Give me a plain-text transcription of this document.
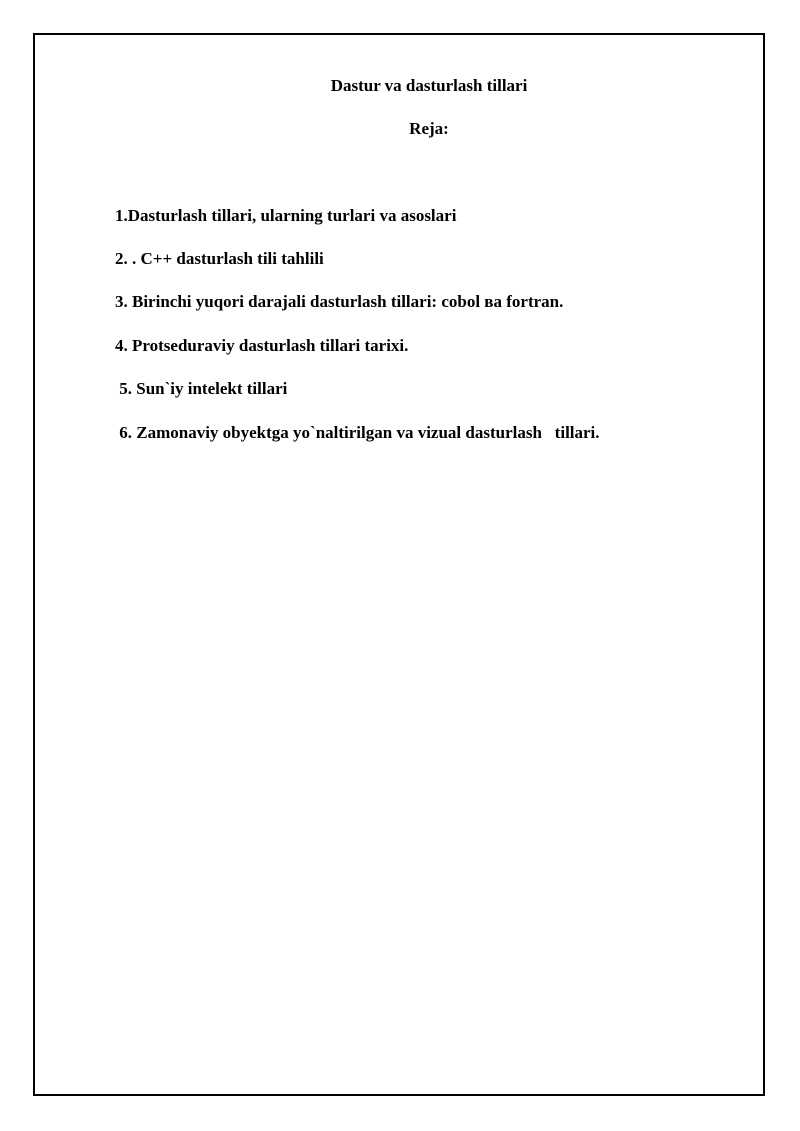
Dastur va dasturlash tillari
Reja:
1.Dasturlash tillari, ularning turlari va asoslari
2. . C++ dasturlash tili tahlili
3. Birinchi yuqori darajali dasturlash tillari: cobol ва fortran.
4. Protseduraviy dasturlash tillari tarixi.
5. Sun`iy intelekt tillari
6. Zamonaviy obyektga yo`naltirilgan va vizual dasturlash   tillari.
